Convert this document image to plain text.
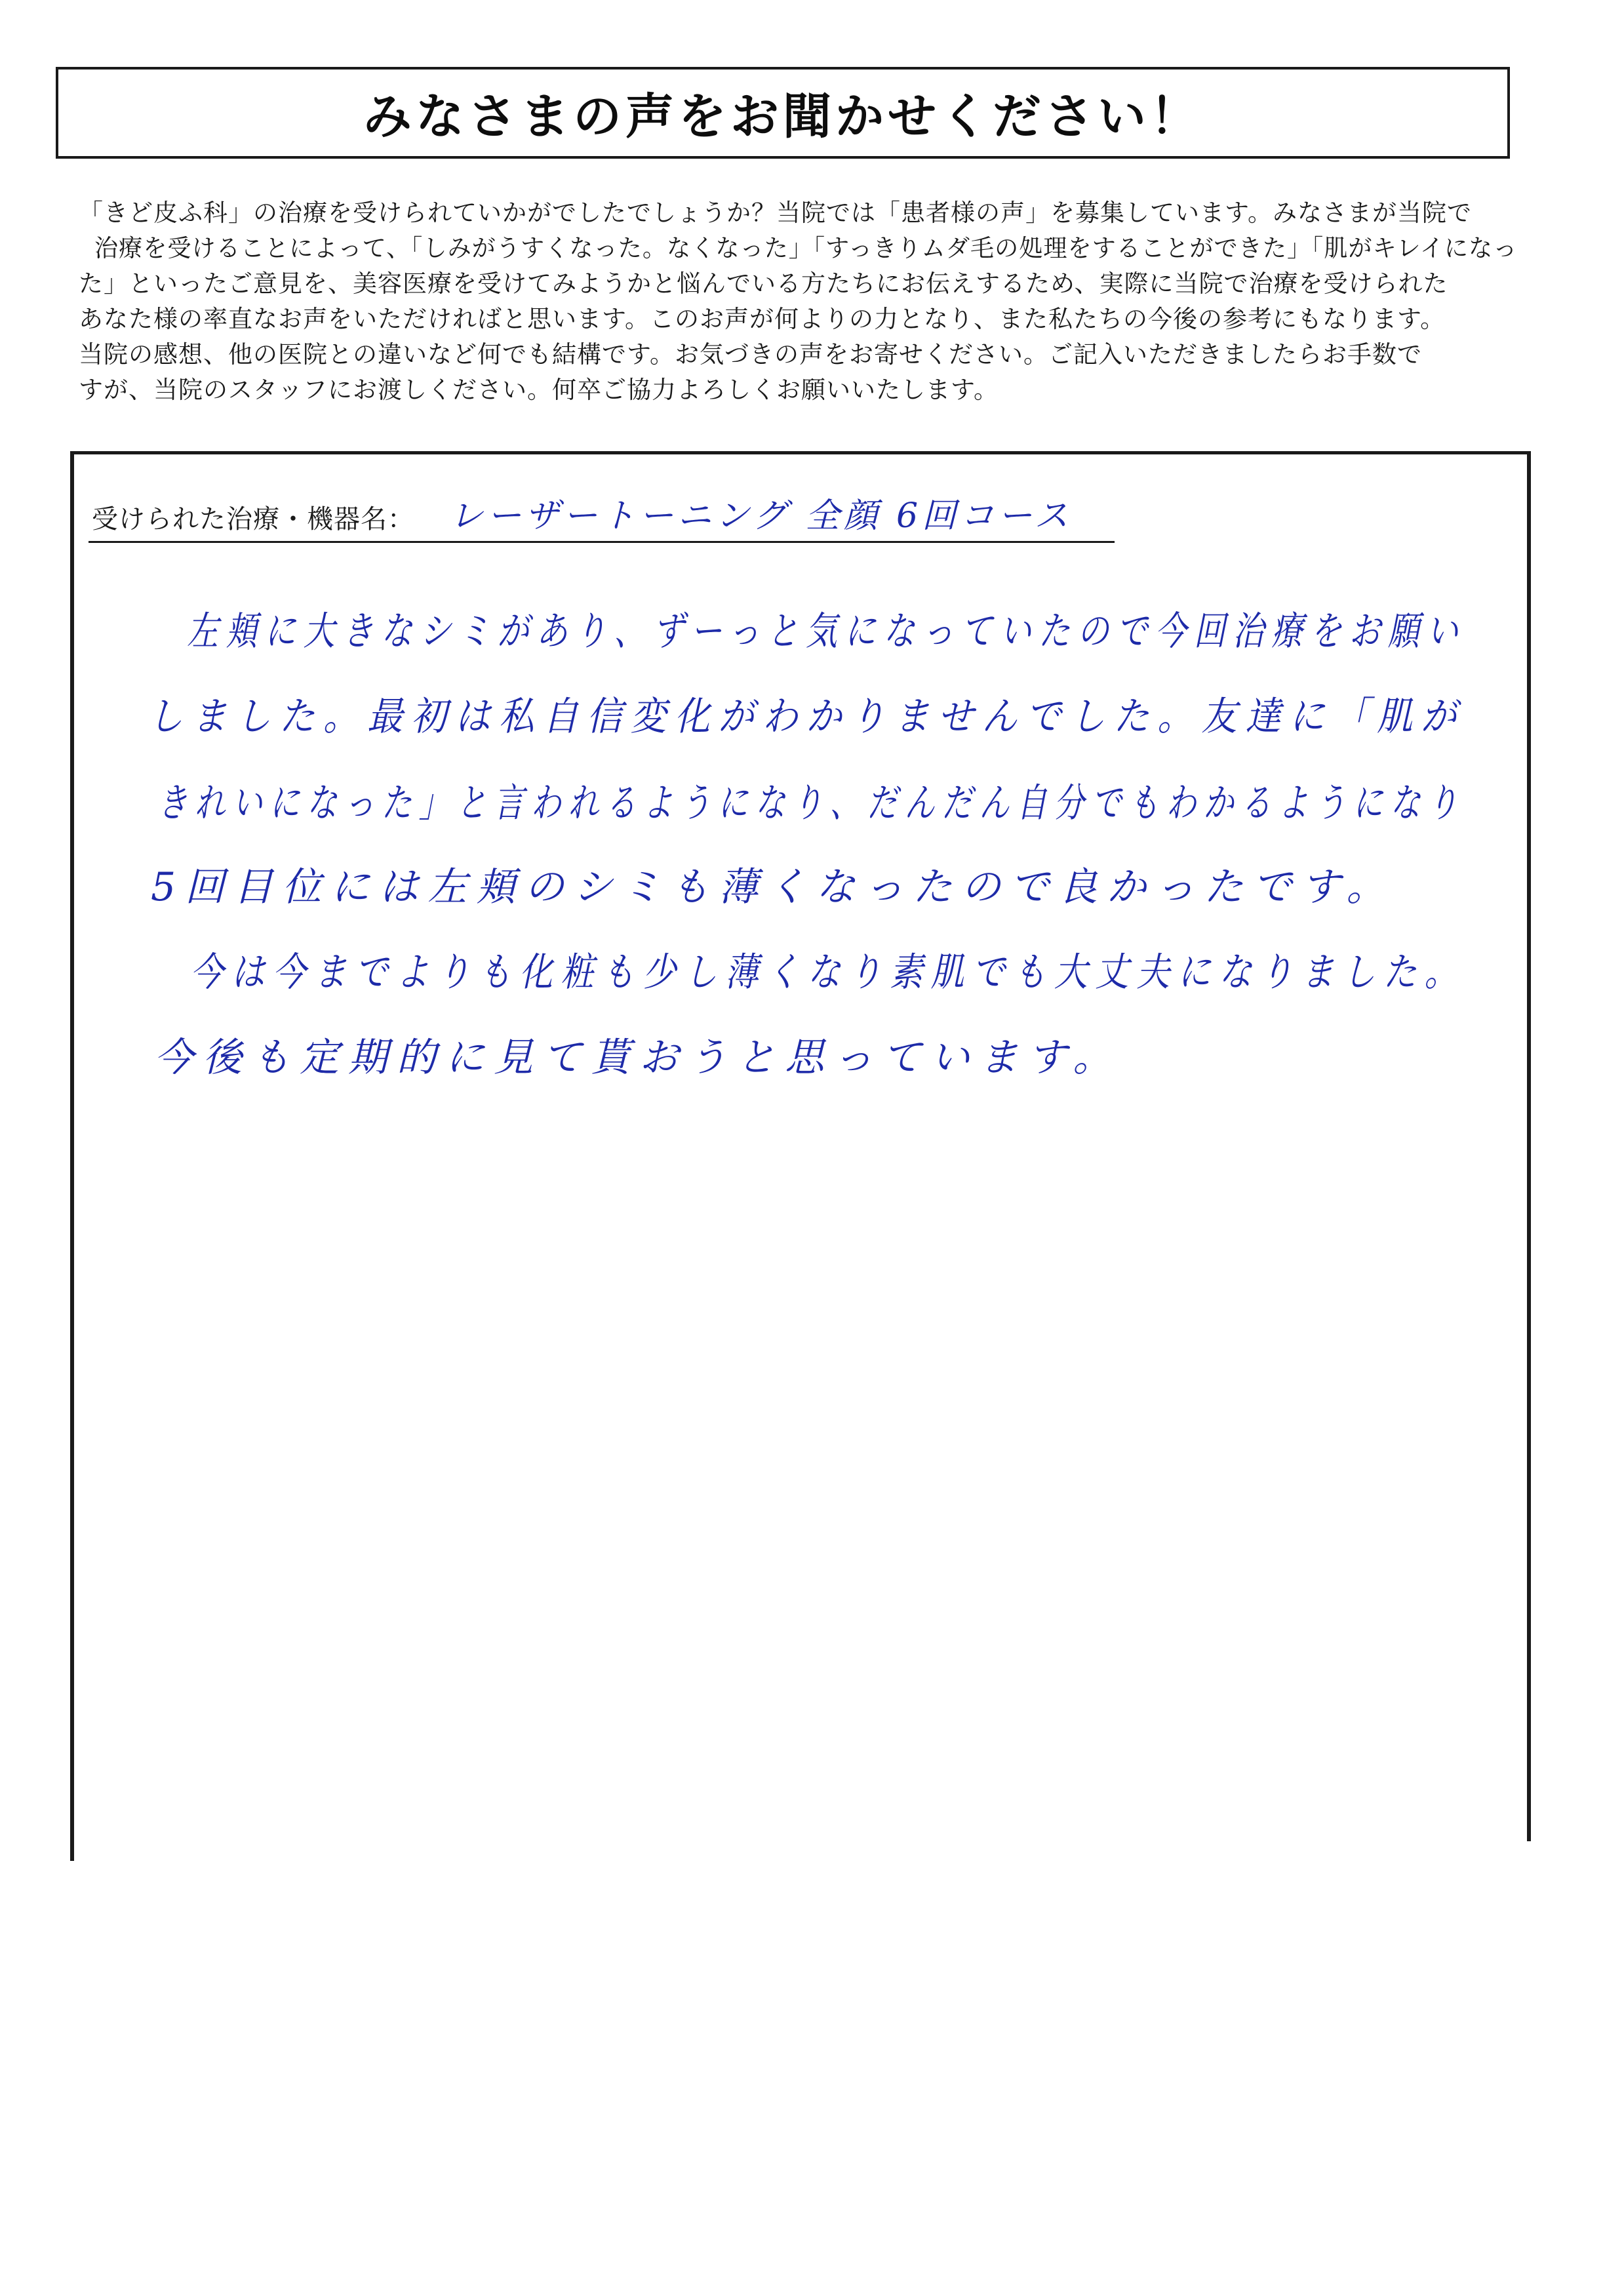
みなさまの声をお聞かせください！
「きど皮ふ科」の治療を受けられていかがでしたでしょうか？当院では「患者様の声」を募集しています。みなさまが当院で
治療を受けることによって、「しみがうすくなった。なくなった」「すっきりムダ毛の処理をすることができた」「肌がキレイになっ
た」といったご意見を、美容医療を受けてみようかと悩んでいる方たちにお伝えするため、実際に当院で治療を受けられた
あなた様の率直なお声をいただければと思います。このお声が何よりの力となり、また私たちの今後の参考にもなります。
当院の感想、他の医院との違いなど何でも結構です。お気づきの声をお寄せください。ご記入いただきましたらお手数で
すが、当院のスタッフにお渡しください。何卒ご協力よろしくお願いいたします。
受けられた治療・機器名： レーザートーニング 全顔 6回コース
左頬に大きなシミがあり、ずーっと気になっていたので今回治療をお願い
しました。最初は私自信変化がわかりませんでした。友達に「肌が
きれいになった」と言われるようになり、だんだん自分でもわかるようになり
5回目位には左頬のシミも薄くなったので良かったです。
今は今までよりも化粧も少し薄くなり素肌でも大丈夫になりました。
今後も定期的に見て貰おうと思っています。
